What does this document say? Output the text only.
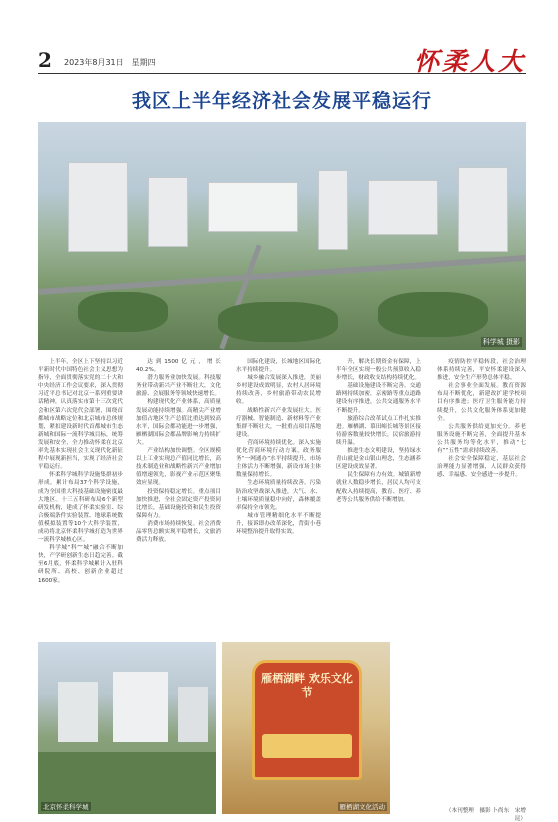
2 2023年8月31日　星期四	怀柔人大
我区上半年经济社会发展平稳运行
科学城 摄影

上半年，全区上下坚持以习近平新时代中国特色社会主义思想为指导，全面贯彻落实党的二十大和中央经济工作会议要求，深入贯彻习近平总书记对北京一系列重要讲话精神，认真落实市第十三次党代会和区第六次党代会部署，围绕首都城市战略定位和北京城市总体规划，紧扣建设新时代首都城市生态新城和国际一流科学城目标，统筹发展和安全，全力推动怀柔在北京率先基本实现社会主义现代化新征程中展现新担当，实现了经济社会平稳运行。

怀柔科学城科学设施集群初步形成。累计布局37个科学设施，成为全国重大科技基础设施密度最大地区。十三五科研布局6个新型研发机构，建成了怀柔实验室、综合极端条件实验装置、地球系统数值模拟装置等10个大科学装置，成功将北京怀柔科学城打造为世界一流科学城核心区。

科学城“科”“城”融合不断加快，产学研创新生态日趋完善。截至6月底，怀柔科学城累计入驻科研院所、高校、创新企业超过1600家。

达到1500亿元，增长40.2%。

潜力服务业加快发展。科技服务业带动新兴产业不断壮大，文化旅游、会展服务等领域快速增长。

构建现代化产业体系，高质量发展动能持续增强。高精尖产业增加值占地区生产总值比重达到较高水平，国际会都功能进一步增强，雁栖湖国际会都品牌影响力持续扩大。

产业结构加快调整。全区规模以上工业实现总产值同比增长，高技术制造业和战略性新兴产业增加值增速领先，影视产业示范区聚集效应显现。

投资保持稳定增长。重点项目加快推进，全社会固定资产投资同比增长，基础设施投资和民生投资保障有力。

消费市场持续恢复。社会消费品零售总额实现平稳增长，文旅消费活力释放。

国际化建设，长城地区国际化水平持续提升。

城乡融合发展深入推进，美丽乡村建设成效明显，农村人居环境持续改善，乡村旅游带动农民增收。

战略性新兴产业发展壮大。医疗器械、智能制造、新材料等产业集群不断壮大，一批重点项目落地建设。

营商环境持续优化。深入实施优化营商环境行动方案，政务服务“一网通办”水平持续提升，市场主体活力不断增强，新设市场主体数量保持增长。

生态环境质量持续改善。污染防治攻坚战深入推进，大气、水、土壤环境质量稳中向好，森林覆盖率保持全市领先。

城市管理精细化水平不断提升，接诉即办改革深化，背街小巷环境整治提升取得实效。

升，解决长期资金有保障，上半年全区实现一般公共预算收入稳步增长，财政收支结构持续优化。

基础设施建设不断完善。交通路网持续加密，京密路等重点道路建设有序推进，公共交通服务水平不断提升。

旅游综合改革试点工作扎实推进。雁栖湖、慕田峪长城等景区接待游客数量较快增长，民宿旅游持续升温。

推进生态文明建设，坚持绿水青山就是金山银山理念，生态涵养区建设成效显著。

民生保障有力有效。城镇新增就业人数稳步增长，居民人均可支配收入持续提高，教育、医疗、养老等公共服务供给不断增加。

疫情防控平稳转段，社会治理体系持续完善，平安怀柔建设深入推进，安全生产形势总体平稳。

社会事业全面发展。教育资源布局不断优化，新建改扩建学校项目有序推进；医疗卫生服务能力持续提升，公共文化服务体系更加健全。

公共服务供给更加充分。养老服务设施不断完善，全面提升基本公共服务均等化水平，推动“七有”“五性”需求持续改善。

社会安全保障稳定，基层社会治理能力显著增强，人民群众获得感、幸福感、安全感进一步提升。

（本刊整理　摄影 卜尚东　宋增 昆）
北京怀柔科学城
雁栖湖畔 欢乐文化节
雁栖湖文化活动
